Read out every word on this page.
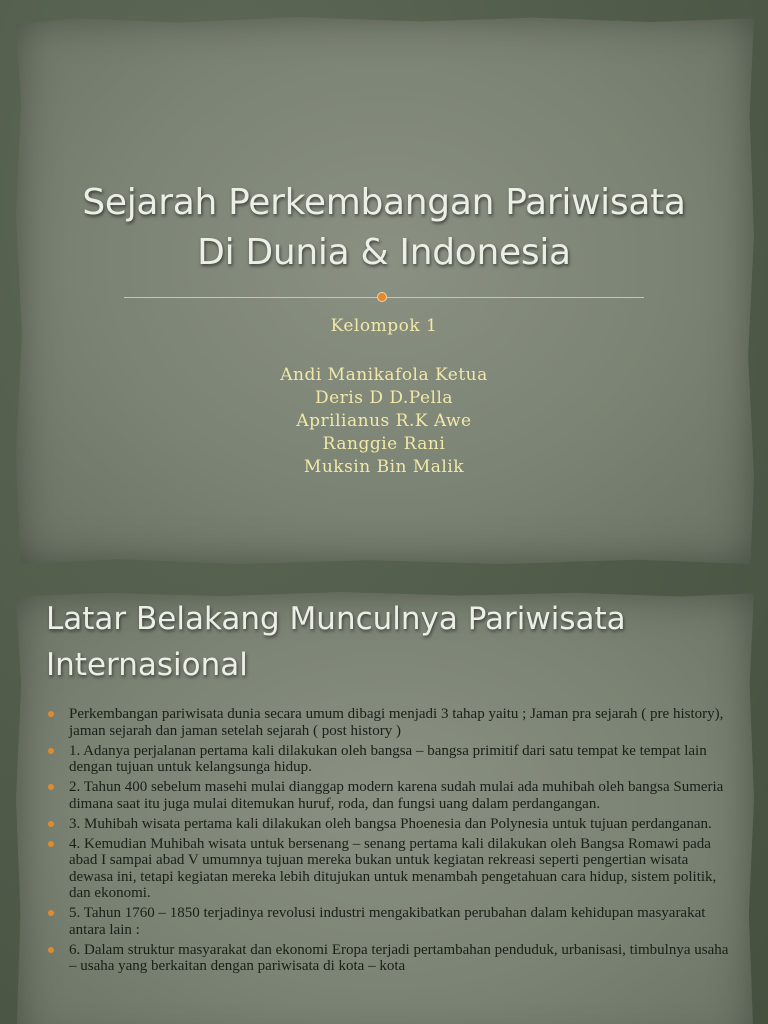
Sejarah Perkembangan Pariwisata
Di Dunia & Indonesia
Kelompok 1
Andi Manikafola Ketua
Deris D D.Pella
Aprilianus R.K Awe
Ranggie Rani
Muksin Bin Malik
Latar Belakang Munculnya Pariwisata
Internasional
Perkembangan pariwisata dunia secara umum dibagi menjadi 3 tahap yaitu ; Jaman pra sejarah ( pre history), jaman sejarah dan jaman setelah sejarah ( post history )
1. Adanya perjalanan pertama kali dilakukan oleh bangsa – bangsa primitif dari satu tempat ke tempat lain dengan tujuan untuk kelangsunga hidup.
2. Tahun 400 sebelum masehi mulai dianggap modern karena sudah mulai ada muhibah oleh bangsa Sumeria dimana saat itu juga mulai ditemukan huruf, roda, dan fungsi uang dalam perdangangan.
3. Muhibah wisata pertama kali dilakukan oleh bangsa Phoenesia dan Polynesia untuk tujuan perdanganan.
4. Kemudian Muhibah wisata untuk bersenang – senang pertama kali dilakukan oleh Bangsa Romawi pada abad I sampai abad V umumnya tujuan mereka bukan untuk kegiatan rekreasi seperti pengertian wisata dewasa ini, tetapi kegiatan mereka lebih ditujukan untuk menambah pengetahuan cara hidup, sistem politik, dan ekonomi.
5. Tahun 1760 – 1850 terjadinya revolusi industri mengakibatkan perubahan dalam kehidupan masyarakat antara lain :
6. Dalam struktur masyarakat dan ekonomi Eropa terjadi pertambahan penduduk, urbanisasi, timbulnya usaha – usaha yang berkaitan dengan pariwisata di kota – kota
